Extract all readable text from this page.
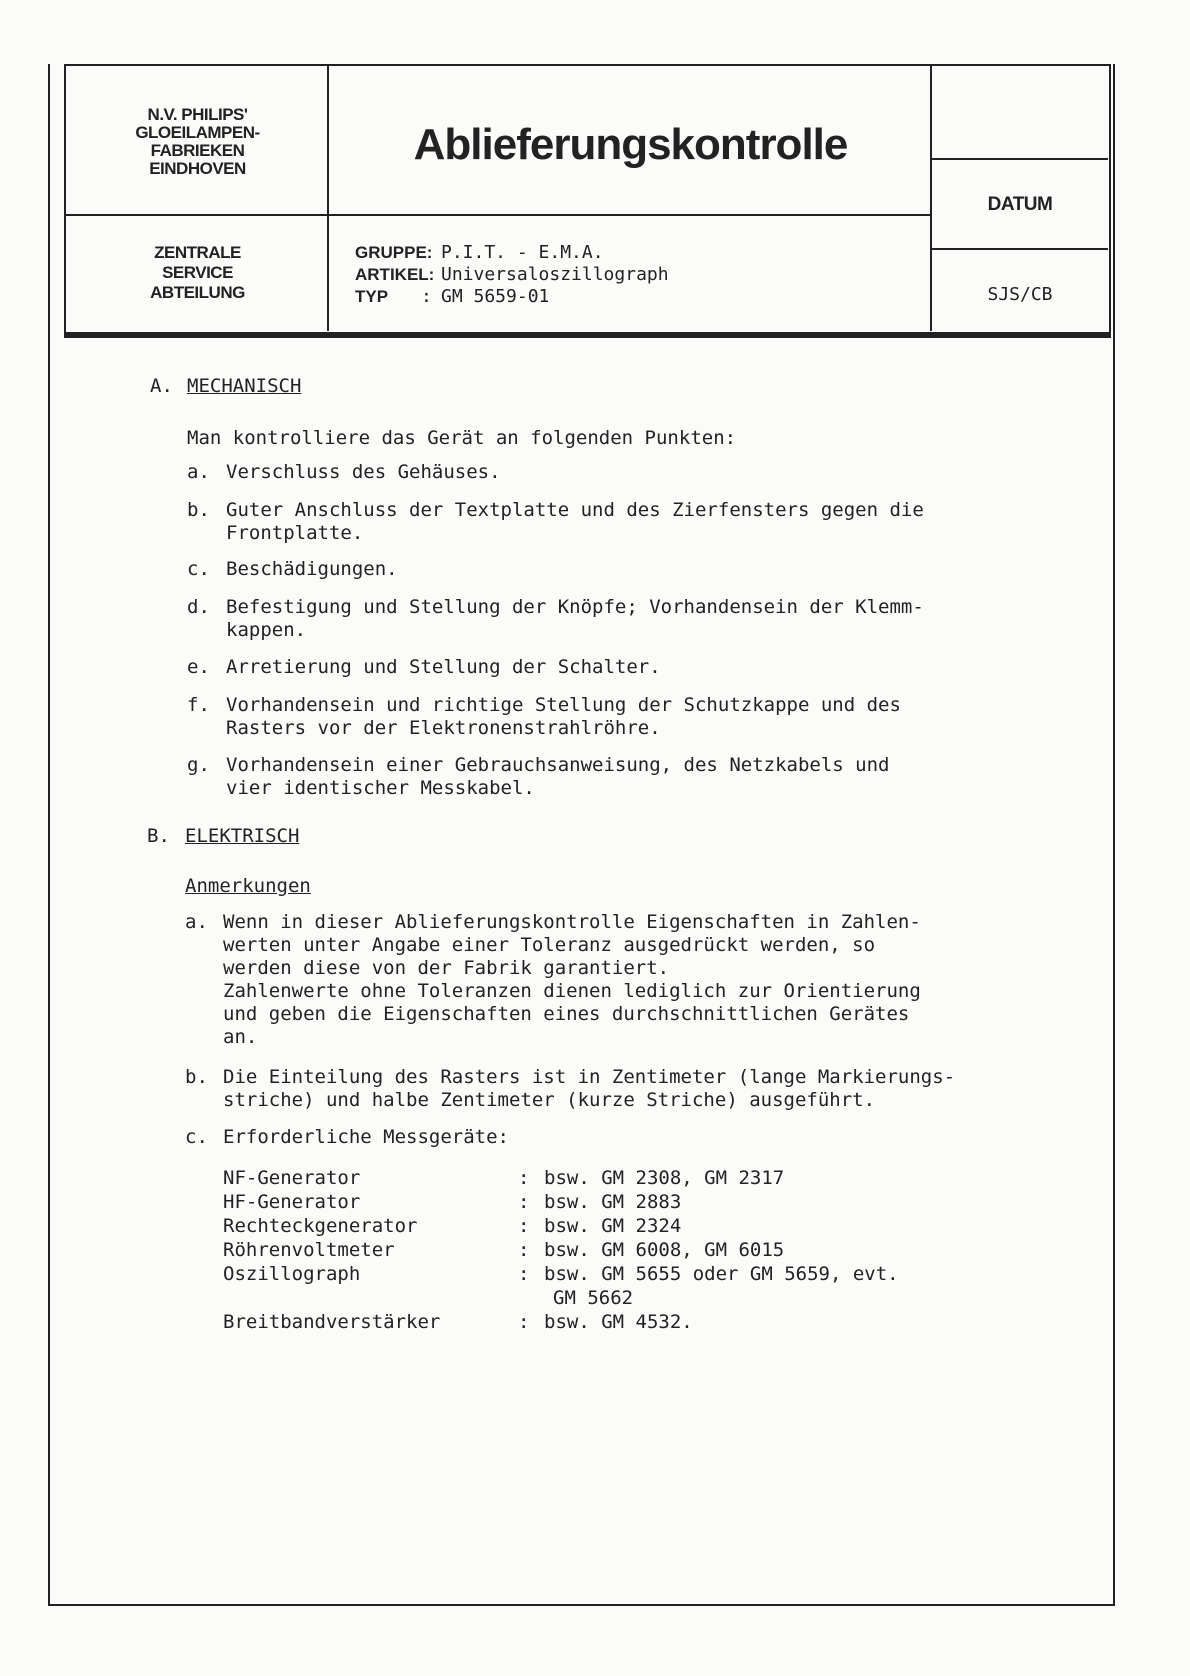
N.V. PHILIPS'
GLOEILAMPEN-
FABRIEKEN
EINDHOVEN	Ablieferungskontrolle
DATUM
ZENTRALE
SERVICE
ABTEILUNG
GRUPPE: P.I.T. - E.M.A.
ARTIKEL: Universaloszillograph
TYP	: GM 5659-01	SJS/CB
A. MECHANISCH
Man kontrolliere das Gerät an folgenden Punkten:
a. Verschluss des Gehäuses.
b. Guter Anschluss der Textplatte und des Zierfensters gegen die
Frontplatte.
c. Beschädigungen.
d. Befestigung und Stellung der Knöpfe; Vorhandensein der Klemm-
kappen.
e. Arretierung und Stellung der Schalter.
f. Vorhandensein und richtige Stellung der Schutzkappe und des
Rasters vor der Elektronenstrahlröhre.
g. Vorhandensein einer Gebrauchsanweisung, des Netzkabels und
vier identischer Messkabel.
B. ELEKTRISCH
Anmerkungen
a. Wenn in dieser Ablieferungskontrolle Eigenschaften in Zahlen-
werten unter Angabe einer Toleranz ausgedrückt werden, so
werden diese von der Fabrik garantiert.
Zahlenwerte ohne Toleranzen dienen lediglich zur Orientierung
und geben die Eigenschaften eines durchschnittlichen Gerätes
an.
b. Die Einteilung des Rasters ist in Zentimeter (lange Markierungs-
striche) und halbe Zentimeter (kurze Striche) ausgeführt.
c. Erforderliche Messgeräte:
NF-Generator	: bsw. GM 2308, GM 2317
HF-Generator	: bsw. GM 2883
Rechteckgenerator	: bsw. GM 2324
Röhrenvoltmeter	: bsw. GM 6008, GM 6015
Oszillograph	: bsw. GM 5655 oder GM 5659, evt.
GM 5662
Breitbandverstärker	: bsw. GM 4532.
